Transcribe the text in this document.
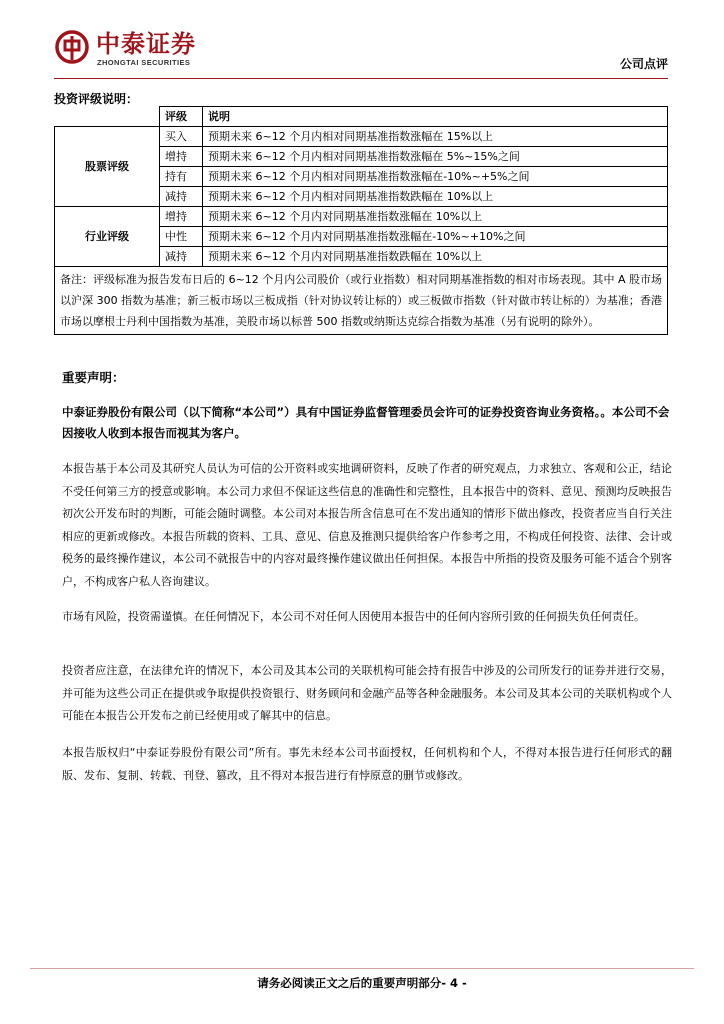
中泰证券
ZHONGTAI SECURITIES	公司点评
投资评级说明：
	评级	说明
股票评级	买入	预期未来 6~12 个月内相对同期基准指数涨幅在 15%以上
	增持	预期未来 6~12 个月内相对同期基准指数涨幅在 5%~15%之间
	持有	预期未来 6~12 个月内相对同期基准指数涨幅在-10%~+5%之间
	减持	预期未来 6~12 个月内相对同期基准指数跌幅在 10%以上
行业评级	增持	预期未来 6~12 个月内对同期基准指数涨幅在 10%以上
	中性	预期未来 6~12 个月内对同期基准指数涨幅在-10%~+10%之间
	减持	预期未来 6~12 个月内对同期基准指数跌幅在 10%以上
备注：评级标准为报告发布日后的 6~12 个月内公司股价（或行业指数）相对同期基准指数的相对市场表现。其中 A 股市场以沪深 300 指数为基准；新三板市场以三板成指（针对协议转让标的）或三板做市指数（针对做市转让标的）为基准；香港市场以摩根士丹利中国指数为基准，美股市场以标普 500 指数或纳斯达克综合指数为基准（另有说明的除外）。		
重要声明：
中泰证券股份有限公司（以下简称“本公司”）具有中国证券监督管理委员会许可的证券投资咨询业务资格。。本公司不会因接收人收到本报告而视其为客户。
本报告基于本公司及其研究人员认为可信的公开资料或实地调研资料，反映了作者的研究观点，力求独立、客观和公正，结论不受任何第三方的授意或影响。本公司力求但不保证这些信息的准确性和完整性，且本报告中的资料、意见、预测均反映报告初次公开发布时的判断，可能会随时调整。本公司对本报告所含信息可在不发出通知的情形下做出修改，投资者应当自行关注相应的更新或修改。本报告所载的资料、工具、意见、信息及推测只提供给客户作参考之用，不构成任何投资、法律、会计或税务的最终操作建议，本公司不就报告中的内容对最终操作建议做出任何担保。本报告中所指的投资及服务可能不适合个别客户，不构成客户私人咨询建议。
市场有风险，投资需谨慎。在任何情况下，本公司不对任何人因使用本报告中的任何内容所引致的任何损失负任何责任。
投资者应注意，在法律允许的情况下，本公司及其本公司的关联机构可能会持有报告中涉及的公司所发行的证券并进行交易，并可能为这些公司正在提供或争取提供投资银行、财务顾问和金融产品等各种金融服务。本公司及其本公司的关联机构或个人可能在本报告公开发布之前已经使用或了解其中的信息。
本报告版权归“中泰证券股份有限公司”所有。事先未经本公司书面授权，任何机构和个人，不得对本报告进行任何形式的翻版、发布、复制、转载、刊登、篡改，且不得对本报告进行有悖原意的删节或修改。
请务必阅读正文之后的重要声明部分- 4 -
